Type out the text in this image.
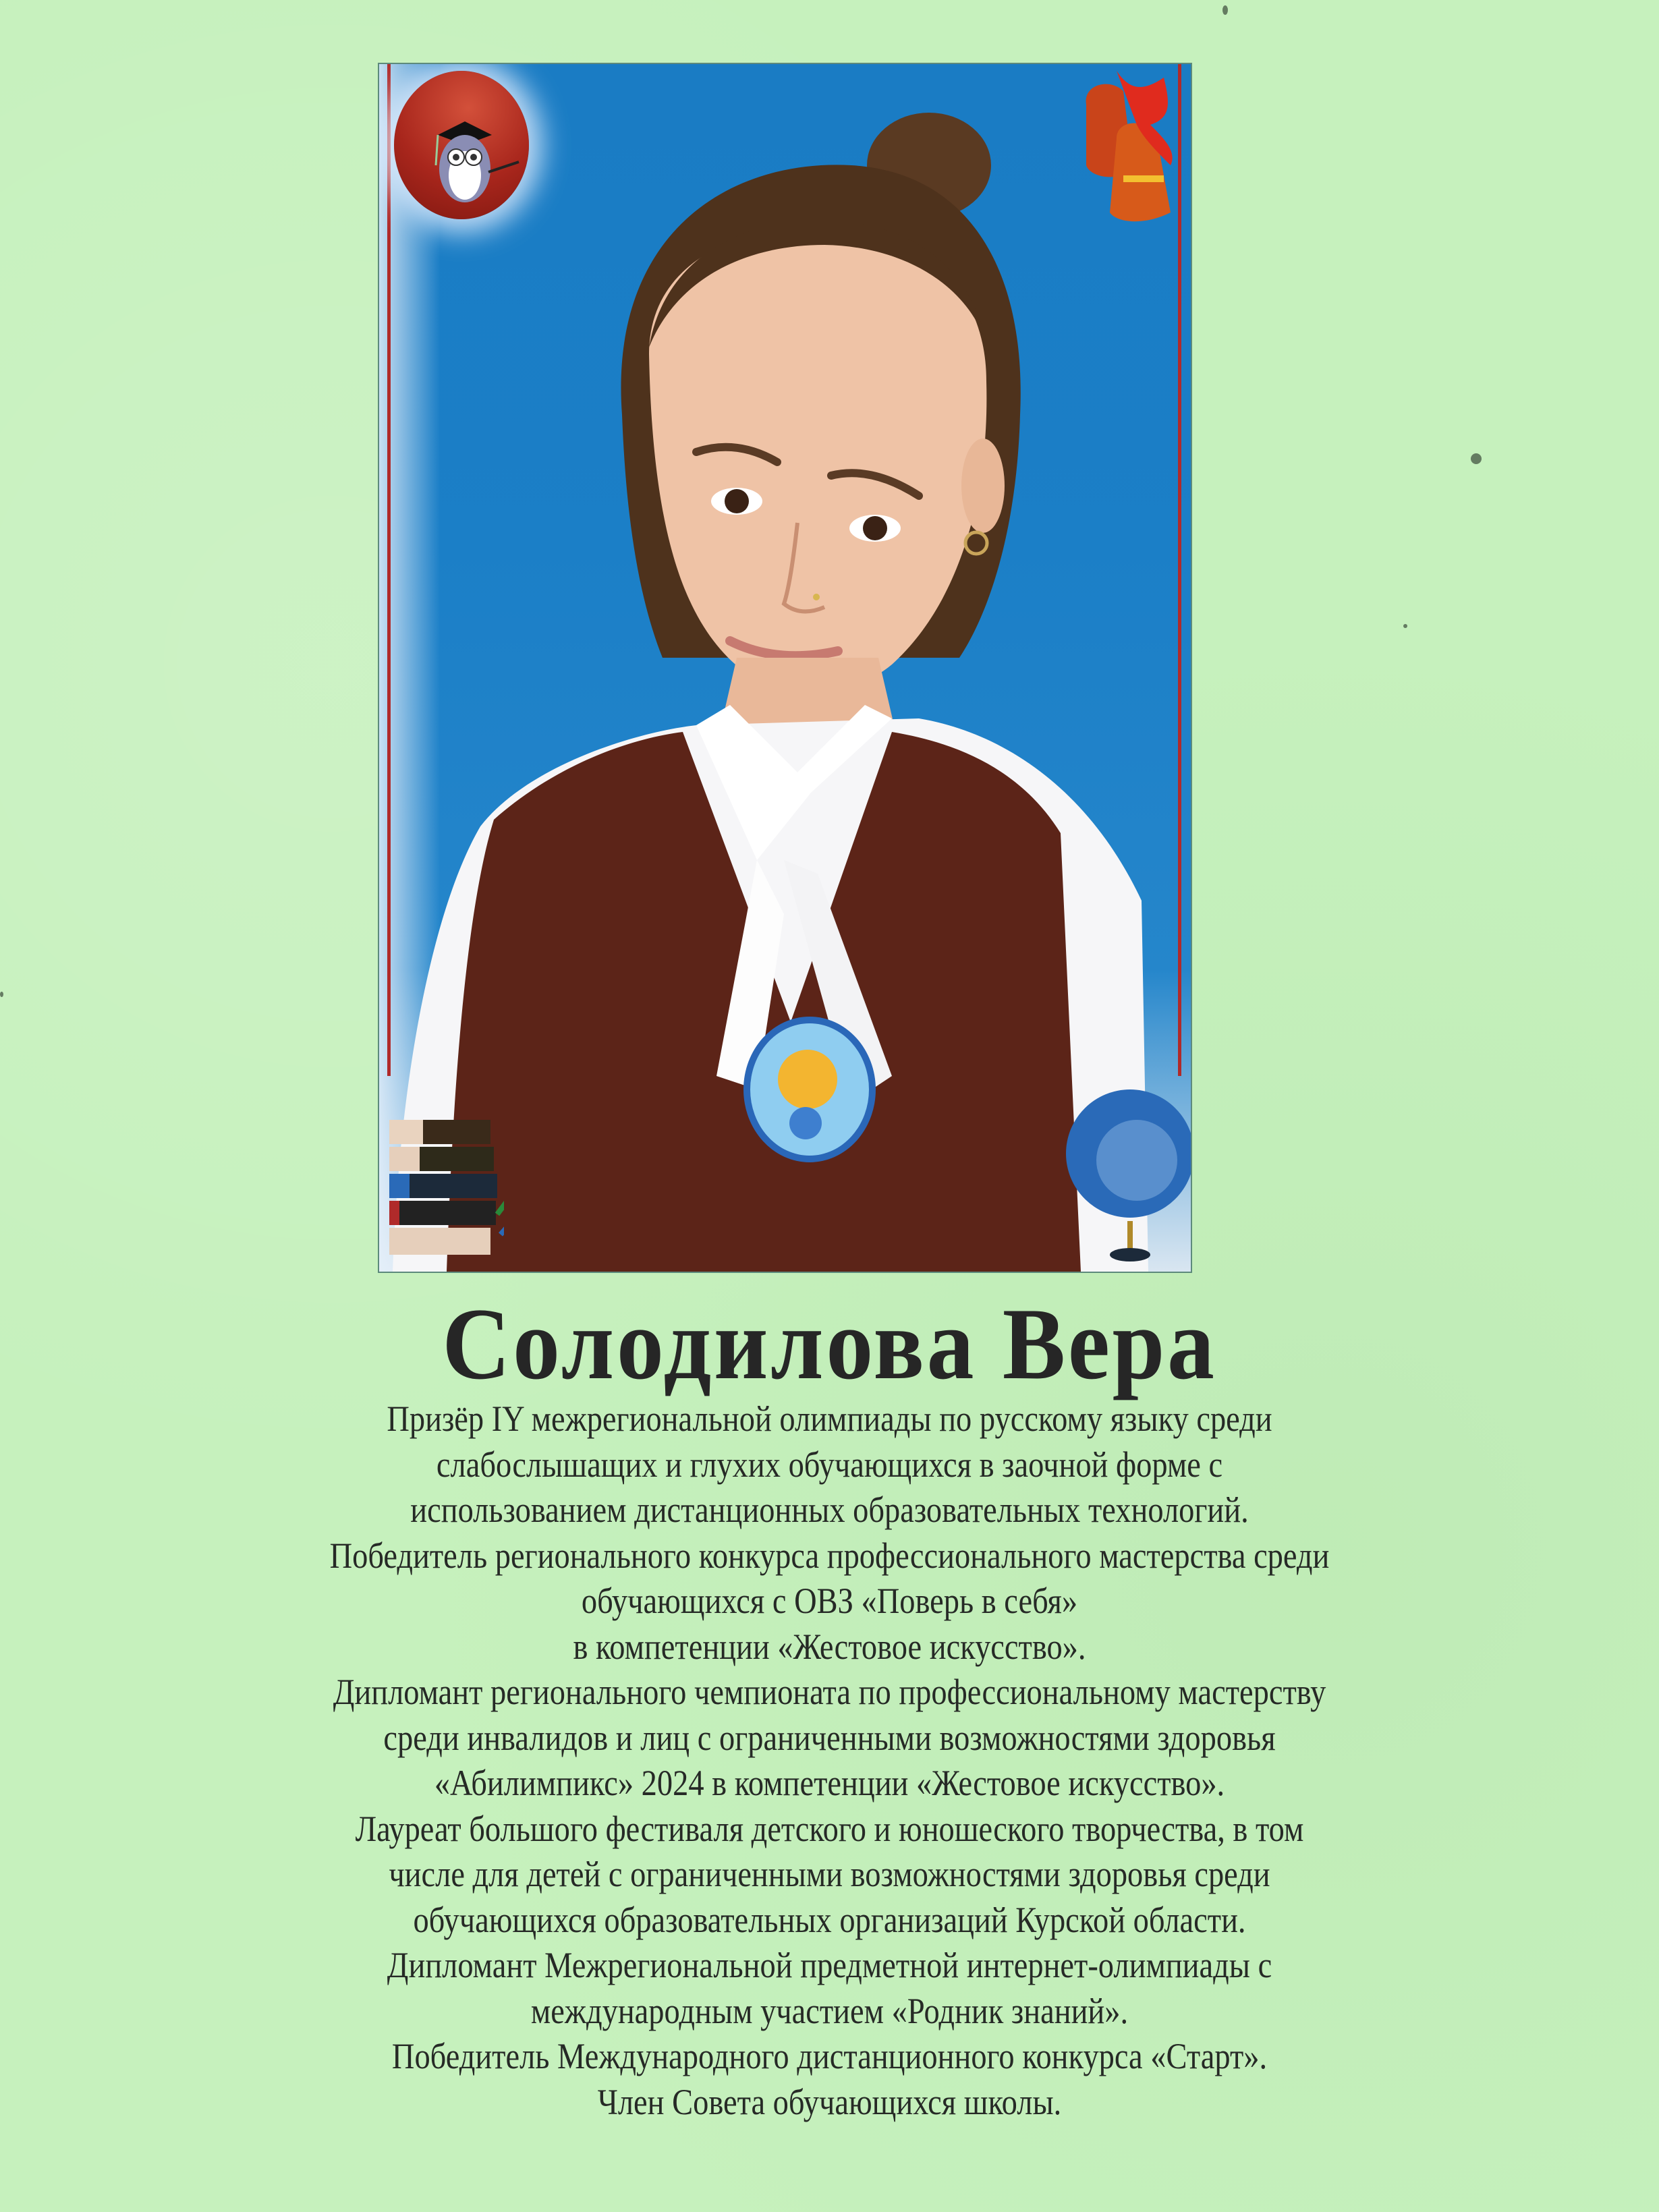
Солодилова Вера
Призёр IY межрегиональной олимпиады по русскому языку среди
слабослышащих и глухих обучающихся в заочной форме с
использованием дистанционных образовательных технологий.
Победитель регионального конкурса профессионального мастерства среди
обучающихся с ОВЗ «Поверь в себя»
в компетенции «Жестовое искусство».
Дипломант регионального чемпионата по профессиональному мастерству
среди инвалидов и лиц с ограниченными возможностями здоровья
«Абилимпикс» 2024 в компетенции «Жестовое искусство».
Лауреат большого фестиваля детского и юношеского творчества, в том
числе для детей с ограниченными возможностями здоровья среди
обучающихся образовательных организаций Курской области.
Дипломант Межрегиональной предметной интернет-олимпиады с
международным участием «Родник знаний».
Победитель Международного дистанционного конкурса «Старт».
Член Совета обучающихся школы.
